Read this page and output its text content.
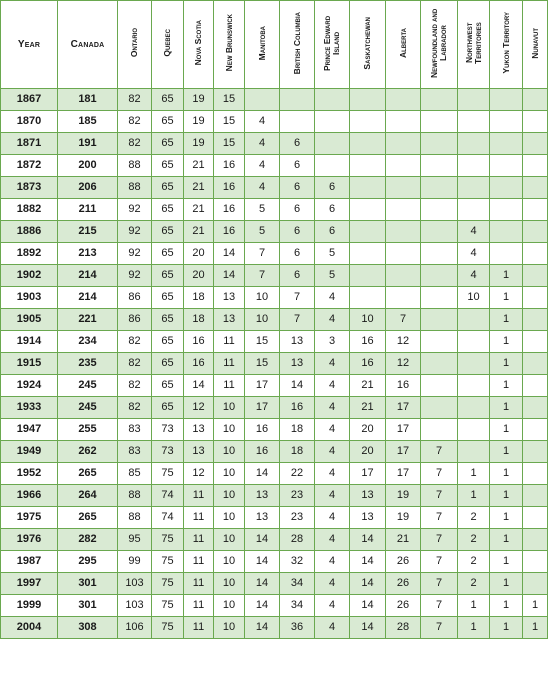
Year	Canada	Ontario	Quebec	Nova Scotia	New Brunswick	Manitoba	British Columbia	Prince Edward Island	Saskatchewan	Alberta	Newfoundland and Labrador	Northwest Territories	Yukon Territory	Nunavut
1867	181	82	65	19	15									
1870	185	82	65	19	15	4								
1871	191	82	65	19	15	4	6							
1872	200	88	65	21	16	4	6							
1873	206	88	65	21	16	4	6	6						
1882	211	92	65	21	16	5	6	6						
1886	215	92	65	21	16	5	6	6				4		
1892	213	92	65	20	14	7	6	5				4		
1902	214	92	65	20	14	7	6	5				4	1	
1903	214	86	65	18	13	10	7	4				10	1	
1905	221	86	65	18	13	10	7	4	10	7			1	
1914	234	82	65	16	11	15	13	3	16	12			1	
1915	235	82	65	16	11	15	13	4	16	12			1	
1924	245	82	65	14	11	17	14	4	21	16			1	
1933	245	82	65	12	10	17	16	4	21	17			1	
1947	255	83	73	13	10	16	18	4	20	17			1	
1949	262	83	73	13	10	16	18	4	20	17	7		1	
1952	265	85	75	12	10	14	22	4	17	17	7	1	1	
1966	264	88	74	11	10	13	23	4	13	19	7	1	1	
1975	265	88	74	11	10	13	23	4	13	19	7	2	1	
1976	282	95	75	11	10	14	28	4	14	21	7	2	1	
1987	295	99	75	11	10	14	32	4	14	26	7	2	1	
1997	301	103	75	11	10	14	34	4	14	26	7	2	1	
1999	301	103	75	11	10	14	34	4	14	26	7	1	1	1
2004	308	106	75	11	10	14	36	4	14	28	7	1	1	1
